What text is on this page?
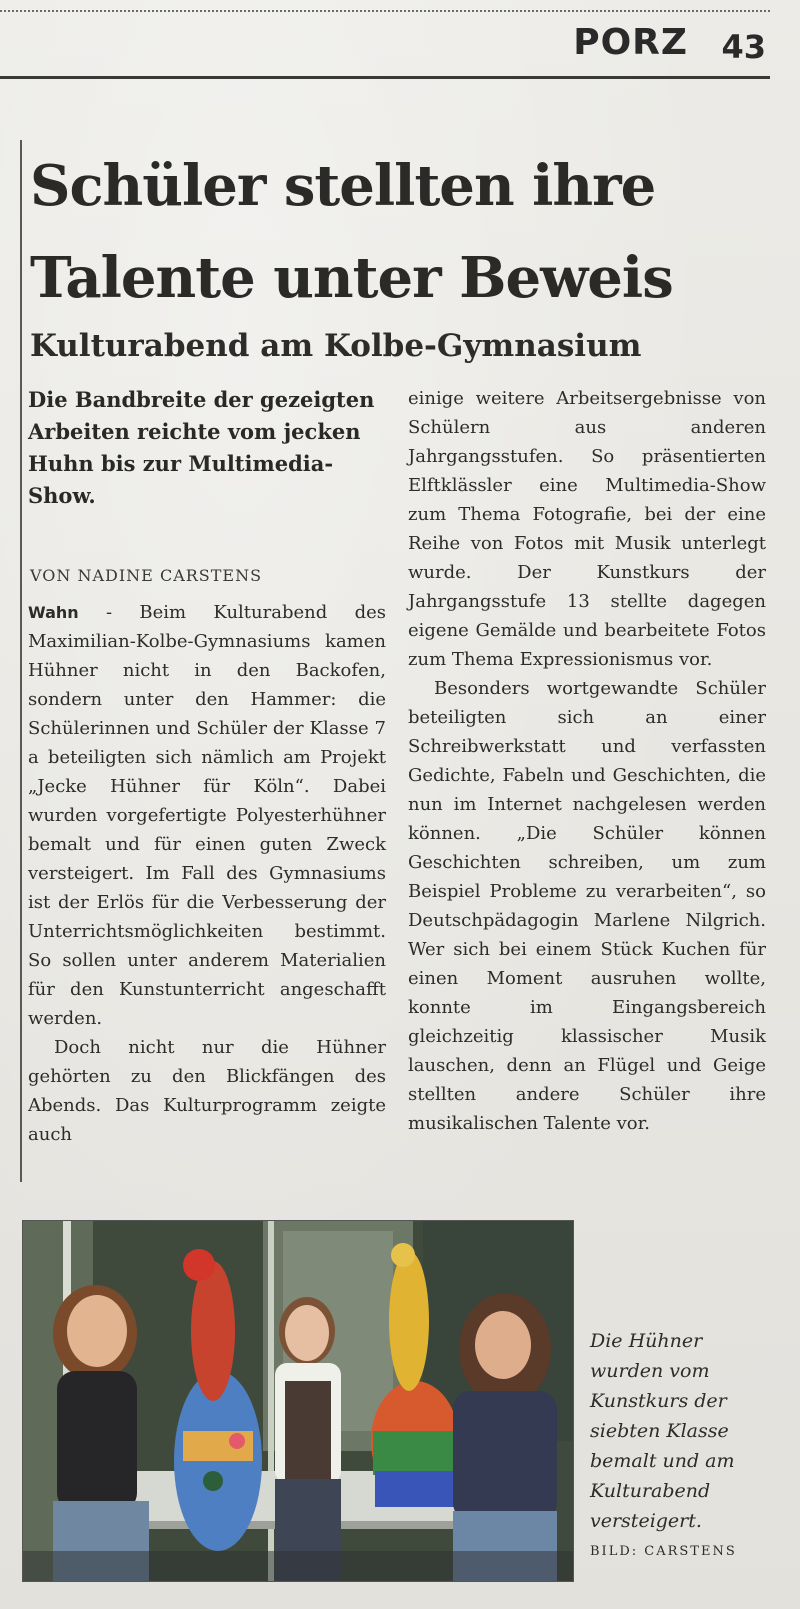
PORZ 43
Schüler stellten ihre Talente unter Beweis
Kulturabend am Kolbe-Gymnasium

Die Bandbreite der gezeigten Arbeiten reichte vom jecken Huhn bis zur Multimedia-Show.

VON NADINE CARSTENS

Wahn - Beim Kulturabend des Maximilian-Kolbe-Gymnasiums kamen Hühner nicht in den Backofen, sondern unter den Hammer: die Schülerinnen und Schüler der Klasse 7 a beteiligten sich nämlich am Projekt „Jecke Hühner für Köln“. Dabei wurden vorgefertigte Polyesterhühner bemalt und für einen guten Zweck versteigert. Im Fall des Gymnasiums ist der Erlös für die Verbesserung der Unterrichtsmöglichkeiten bestimmt. So sollen unter anderem Materialien für den Kunstunterricht angeschafft werden.

Doch nicht nur die Hühner gehörten zu den Blickfängen des Abends. Das Kulturprogramm zeigte auch

einige weitere Arbeitsergebnisse von Schülern aus anderen Jahrgangsstufen. So präsentierten Elftklässler eine Multimedia-Show zum Thema Fotografie, bei der eine Reihe von Fotos mit Musik unterlegt wurde. Der Kunstkurs der Jahrgangsstufe 13 stellte dagegen eigene Gemälde und bearbeitete Fotos zum Thema Expressionismus vor.

Besonders wortgewandte Schüler beteiligten sich an einer Schreibwerkstatt und verfassten Gedichte, Fabeln und Geschichten, die nun im Internet nachgelesen werden können. „Die Schüler können Geschichten schreiben, um zum Beispiel Probleme zu verarbeiten“, so Deutschpädagogin Marlene Nilgrich. Wer sich bei einem Stück Kuchen für einen Moment ausruhen wollte, konnte im Eingangsbereich gleichzeitig klassischer Musik lauschen, denn an Flügel und Geige stellten andere Schüler ihre musikalischen Talente vor.

Die Hühner wurden vom Kunstkurs der siebten Klasse bemalt und am Kulturabend versteigert.

BILD: CARSTENS
